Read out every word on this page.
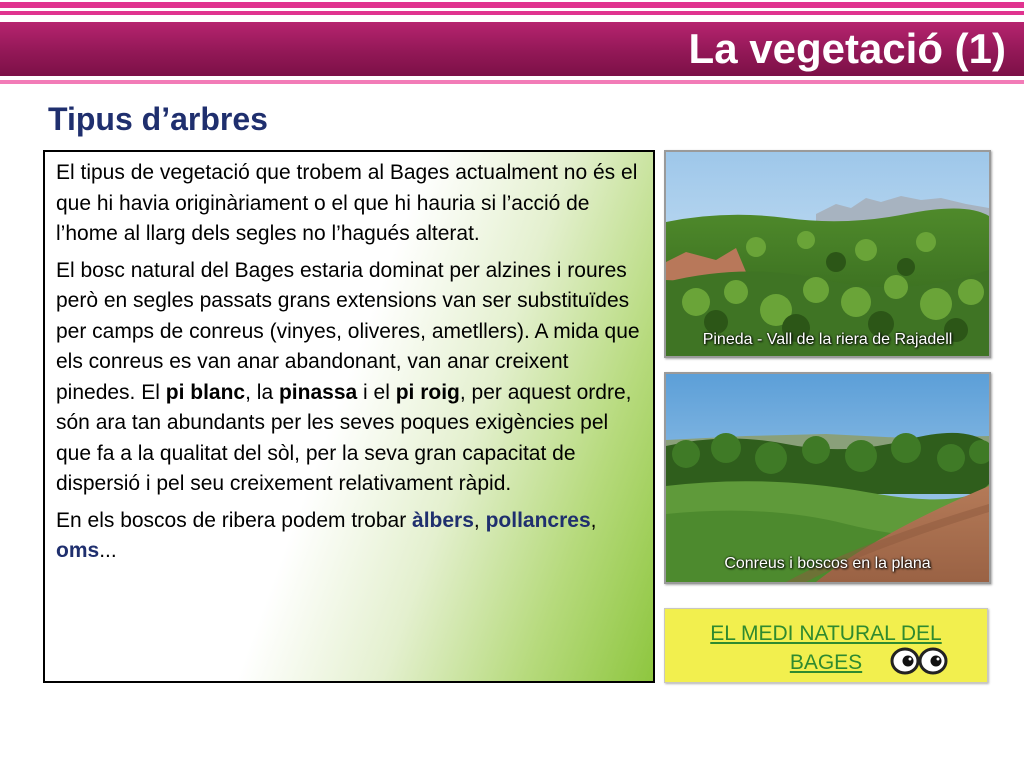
La vegetació (1)
Tipus d’arbres

El tipus de vegetació que trobem al Bages actualment no és el que hi havia originàriament o el que hi hauria si l’acció de l’home al llarg dels segles no l’hagués alterat.

El bosc natural del Bages estaria dominat per alzines i roures però en segles passats grans extensions van ser substituïdes per camps de conreus (vinyes, oliveres, ametllers). A mida que els conreus es van anar abandonant, van anar creixent pinedes. El pi blanc, la pinassa i el pi roig, per aquest ordre, són ara tan abundants per les seves poques exigències pel que fa a la qualitat del sòl, per la seva gran capacitat de dispersió i pel seu creixement relativament ràpid.

En els boscos de ribera podem trobar àlbers, pollancres, oms...

Pineda - Vall de la riera de Rajadell
Conreus i boscos en la plana
EL MEDI NATURAL DEL
BAGES
